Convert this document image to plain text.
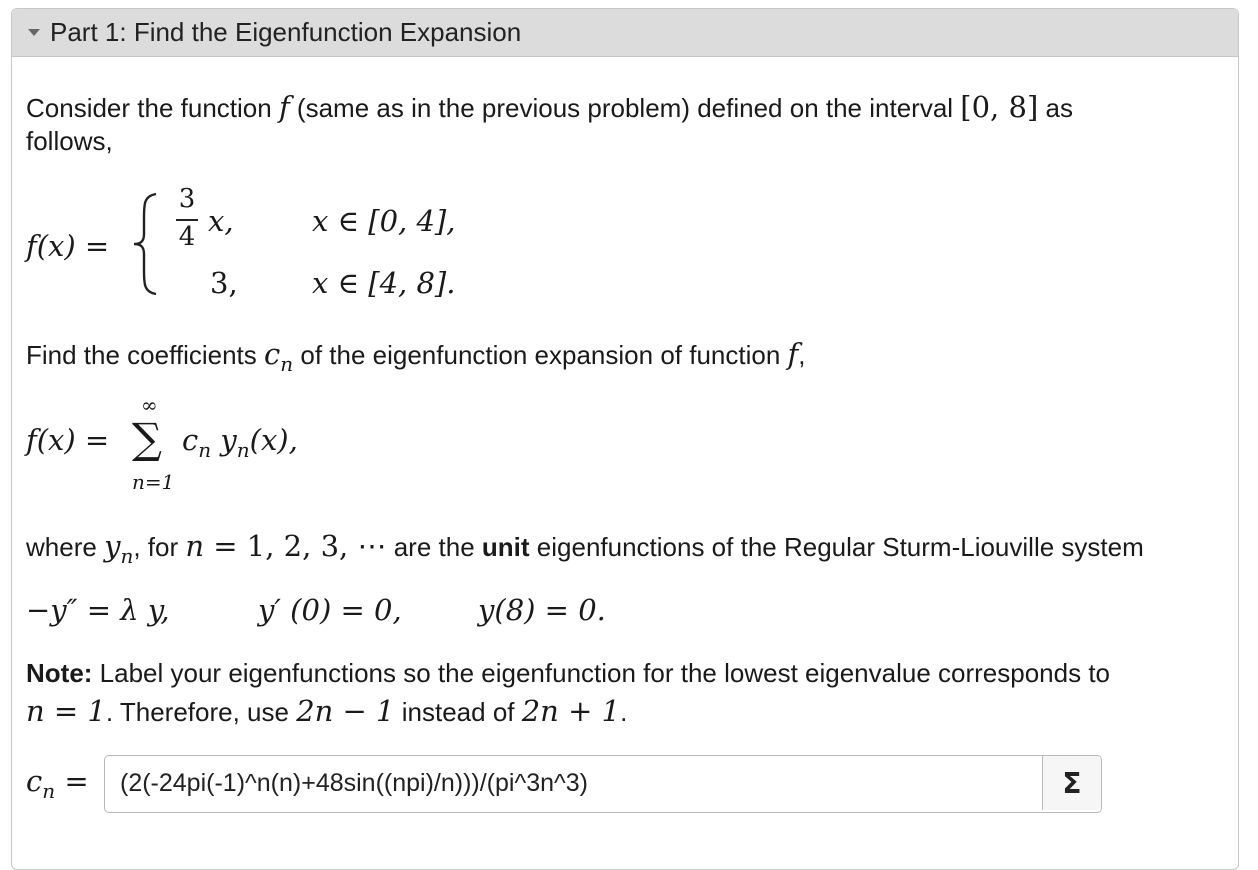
Part 1: Find the Eigenfunction Expansion
Consider the function f (same as in the previous problem) defined on the interval [0, 8] as
follows,
f(x) =
3
4 x,	x ∈ [0, 4],
3,	x ∈ [4, 8].
Find the coefficients $c_n$ of the eigenfunction expansion of function f,
f(x) =
∞
∑
n=1
$c_n$ $y_n(x)$,
where $y_n$, for n = 1, 2, 3, ⋯ are the unit eigenfunctions of the Regular Sturm-Liouville system
−y″ = λ y,	y′ (0) = 0,	y(8) = 0.
Note: Label your eigenfunctions so the eigenfunction for the lowest eigenvalue corresponds to
n = 1. Therefore, use 2n − 1 instead of 2n + 1.
$c_n$ =
(2(-24pi(-1)^n(n)+48sin((npi)/n)))/(pi^3n^3)	Σ
